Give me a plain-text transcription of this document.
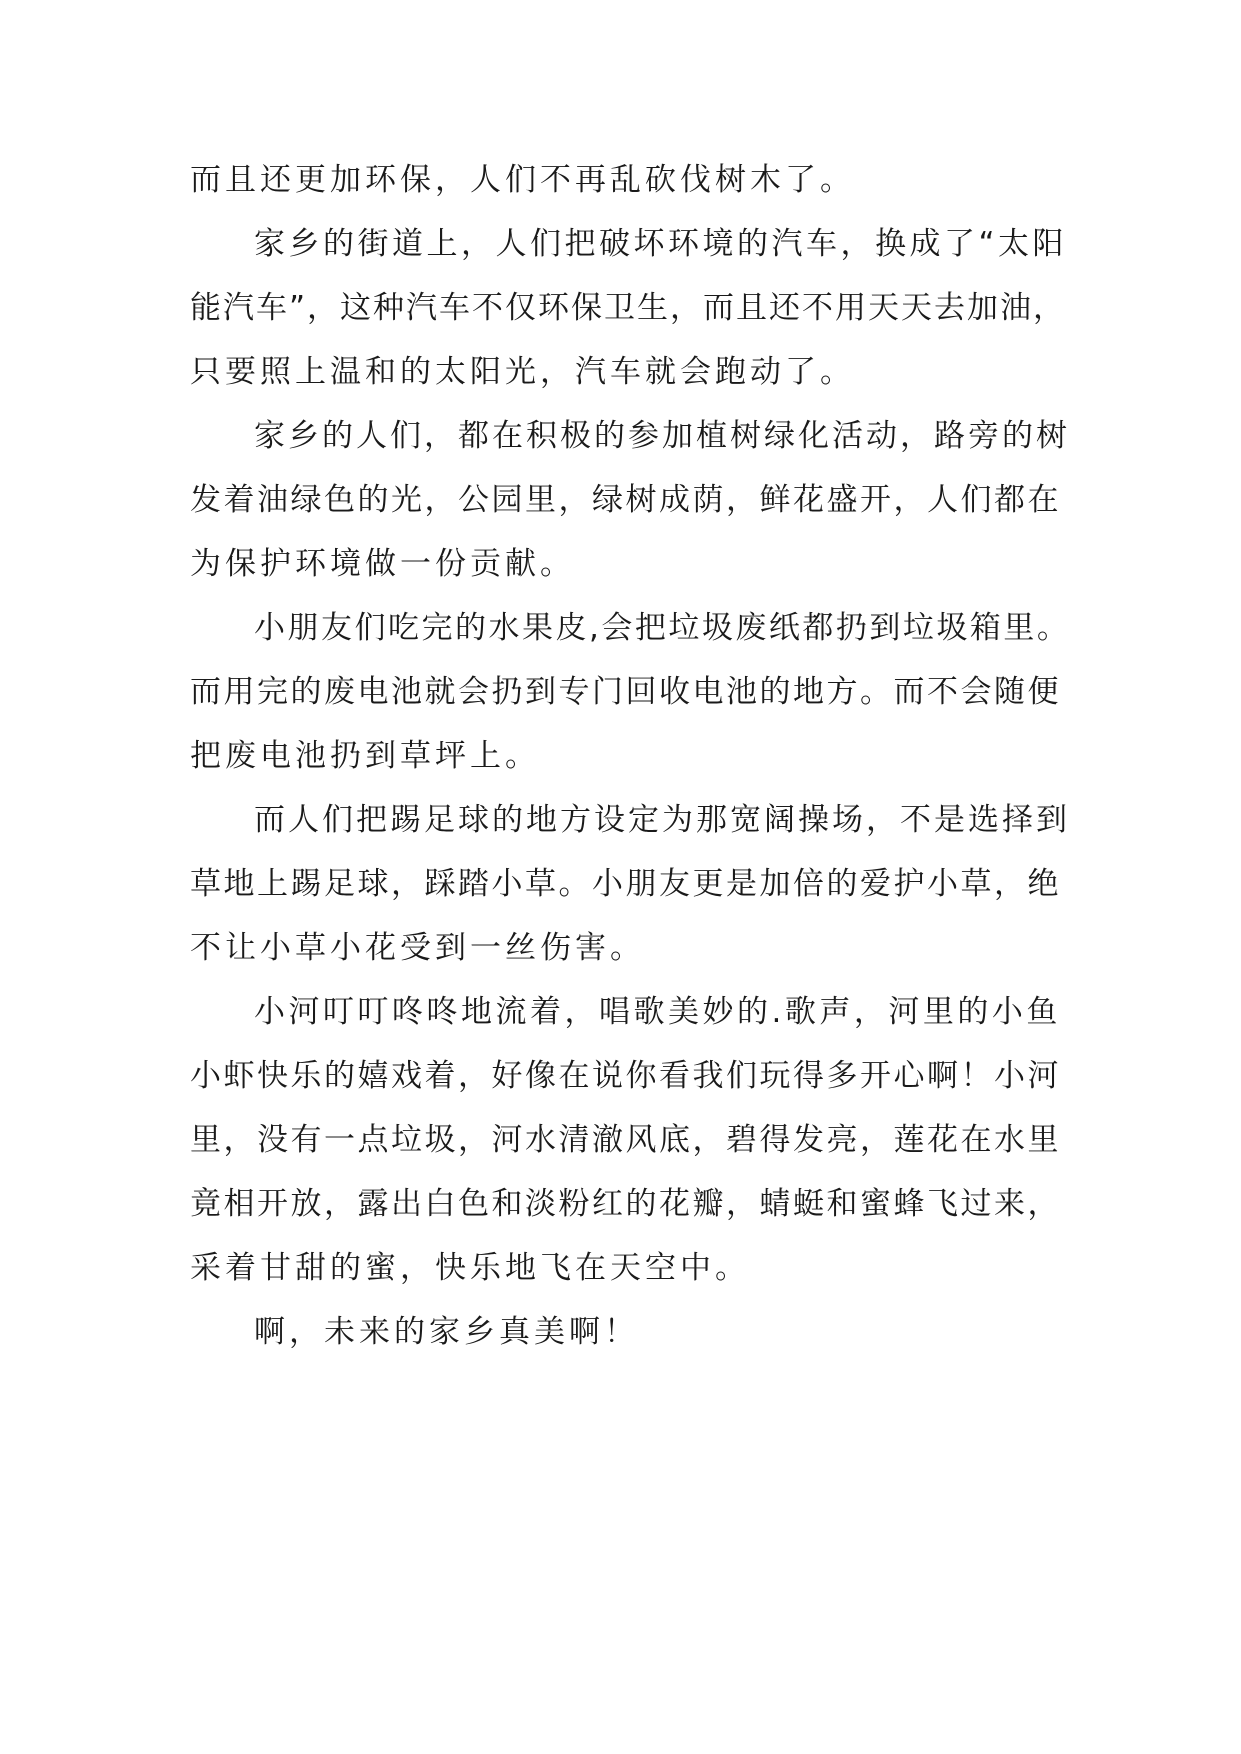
而且还更加环保，人们不再乱砍伐树木了。
家乡的街道上，人们把破坏环境的汽车，换成了“太阳
能汽车”，这种汽车不仅环保卫生，而且还不用天天去加油，
只要照上温和的太阳光，汽车就会跑动了。
家乡的人们，都在积极的参加植树绿化活动，路旁的树
发着油绿色的光，公园里，绿树成荫，鲜花盛开，人们都在
为保护环境做一份贡献。
小朋友们吃完的水果皮,会把垃圾废纸都扔到垃圾箱里。
而用完的废电池就会扔到专门回收电池的地方。而不会随便
把废电池扔到草坪上。
而人们把踢足球的地方设定为那宽阔操场，不是选择到
草地上踢足球，踩踏小草。小朋友更是加倍的爱护小草，绝
不让小草小花受到一丝伤害。
小河叮叮咚咚地流着，唱歌美妙的.歌声，河里的小鱼
小虾快乐的嬉戏着，好像在说你看我们玩得多开心啊！小河
里，没有一点垃圾，河水清澈风底，碧得发亮，莲花在水里
竟相开放，露出白色和淡粉红的花瓣，蜻蜓和蜜蜂飞过来，
采着甘甜的蜜，快乐地飞在天空中。
啊，未来的家乡真美啊！
